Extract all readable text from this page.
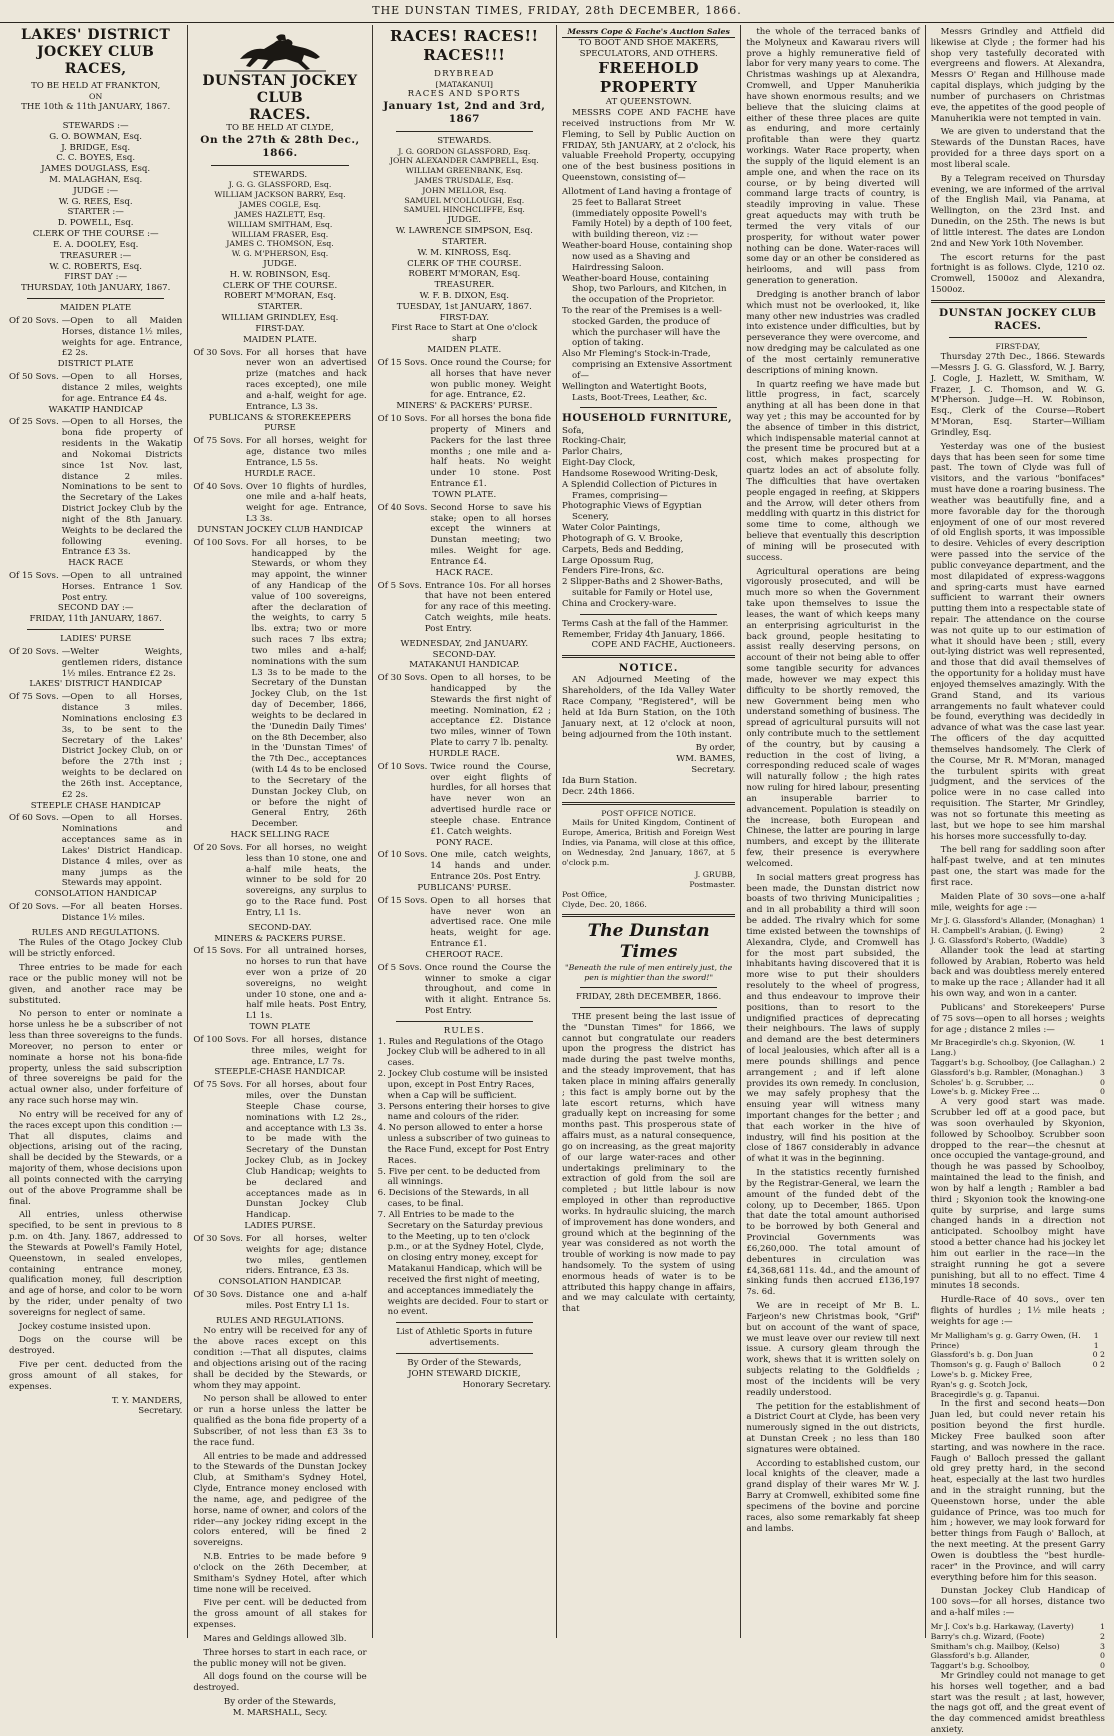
THE DUNSTAN TIMES, FRIDAY, 28th DECEMBER, 1866.
LAKES' DISTRICT
JOCKEY CLUB RACES,
TO BE HELD AT FRANKTON,
ON
THE 10th & 11th JANUARY, 1867.
STEWARDS :—
G. O. BOWMAN, Esq.
J. BRIDGE, Esq.
C. C. BOYES, Esq.
JAMES DOUGLASS, Esq.
M. MALAGHAN, Esq.
JUDGE :—
W. G. REES, Esq.
STARTER :—
D. POWELL, Esq.
CLERK OF THE COURSE :—
E. A. DOOLEY, Esq.
TREASURER :—
W. C. ROBERTS, Esq.
FIRST DAY :—
THURSDAY, 10th JANUARY, 1867.
MAIDEN PLATE
Of 20 Sovs. —Open to all Maiden Horses, distance 1½ miles, weights for age. Entrance, £2 2s.
DISTRICT PLATE
Of 50 Sovs. —Open to all Horses, distance 2 miles, weights for age. Entrance £4 4s.
WAKATIP HANDICAP
Of 25 Sovs. —Open to all Horses, the bona fide property of residents in the Wakatip and Nokomai Districts since 1st Nov. last, distance 2 miles. Nominations to be sent to the Secretary of the Lakes District Jockey Club by the night of the 8th January. Weights to be declared the following evening. Entrance £3 3s.
HACK RACE
Of 15 Sovs. —Open to all untrained Horses. Entrance 1 Sov. Post entry.
SECOND DAY :—
FRIDAY, 11th JANUARY, 1867.
LADIES' PURSE
Of 20 Sovs. —Welter Weights, gentlemen riders, distance 1½ miles. Entrance £2 2s.
LAKES' DISTRICT HANDICAP
Of 75 Sovs. —Open to all Horses, distance 3 miles. Nominations enclosing £3 3s, to be sent to the Secretary of the Lakes' District Jockey Club, on or before the 27th inst ; weights to be declared on the 26th inst. Acceptance, £2 2s.
STEEPLE CHASE HANDICAP
Of 60 Sovs. —Open to all Horses. Nominations and acceptances same as in Lakes' District Handicap. Distance 4 miles, over as many jumps as the Stewards may appoint.
CONSOLATION HANDICAP
Of 20 Sovs. —For all beaten Horses. Distance 1½ miles.
RULES AND REGULATIONS.
The Rules of the Otago Jockey Club will be strictly enforced.
Three entries to be made for each race or the public money will not be given, and another race may be substituted.
No person to enter or nominate a horse unless he be a subscriber of not less than three sovereigns to the funds. Moreover, no person to enter or nominate a horse not his bona-fide property, unless the said subscription of three sovereigns be paid for the actual owner also, under forfeiture of any race such horse may win.
No entry will be received for any of the races except upon this condition :—That all disputes, claims and objections, arising out of the racing, shall be decided by the Stewards, or a majority of them, whose decisions upon all points connected with the carrying out of the above Programme shall be final.
All entries, unless otherwise specified, to be sent in previous to 8 p.m. on 4th. Jany. 1867, addressed to the Stewards at Powell's Family Hotel, Queenstown, in sealed envelopes, containing entrance money, qualification money, full description and age of horse, and color to be worn by the rider, under penalty of two sovereigns for neglect of same.
Jockey costume insisted upon.
Dogs on the course will be destroyed.
Five per cent. deducted from the gross amount of all stakes, for expenses.
T. Y. MANDERS,
Secretary.
DUNSTAN JOCKEY CLUB
RACES.
TO BE HELD AT CLYDE,
On the 27th & 28th Dec., 1866.
STEWARDS.
J. G. G. GLASSFORD, Esq.
WILLIAM JACKSON BARRY, Esq.
JAMES COGLE, Esq.
JAMES HAZLETT, Esq.
WILLIAM SMITHAM, Esq.
WILLIAM FRASER, Esq.
JAMES C. THOMSON, Esq.
W. G. M'PHERSON, Esq.
JUDGE.
H. W. ROBINSON, Esq.
CLERK OF THE COURSE.
ROBERT M'MORAN, Esq.
STARTER.
WILLIAM GRINDLEY, Esq.
FIRST-DAY.
MAIDEN PLATE.
Of 30 Sovs. For all horses that have never won an advertised prize (matches and hack races excepted), one mile and a-half, weight for age. Entrance, L3 3s.
PUBLICANS & STOREKEEPERS PURSE
Of 75 Sovs. For all horses, weight for age, distance two miles Entrance, L5 5s.
HURDLE RACE.
Of 40 Sovs. Over 10 flights of hurdles, one mile and a-half heats, weight for age. Entrance, L3 3s.
DUNSTAN JOCKEY CLUB HANDICAP
Of 100 Sovs. For all horses, to be handicapped by the Stewards, or whom they may appoint, the winner of any Handicap of the value of 100 sovereigns, after the declaration of the weights, to carry 5 lbs. extra; two or more such races 7 lbs extra; two miles and a-half; nominations with the sum L3 3s to be made to the Secretary of the Dunstan Jockey Club, on the 1st day of December, 1866, weights to be declared in the 'Dunedin Daily Times' on the 8th December, also in the 'Dunstan Times' of the 7th Dec., acceptances (with L4 4s to be enclosed to the Secretary of the Dunstan Jockey Club, on or before the night of General Entry, 26th December.
HACK SELLING RACE
Of 20 Sovs. For all horses, no weight less than 10 stone, one and a-half mile heats, the winner to be sold for 20 sovereigns, any surplus to go to the Race fund. Post Entry, L1 1s.
SECOND-DAY.
MINERS & PACKERS PURSE.
Of 15 Sovs. For all untrained horses, no horses to run that have ever won a prize of 20 sovereigns, no weight under 10 stone, one and a-half mile heats. Post Entry, L1 1s.
TOWN PLATE
Of 100 Sovs. For all horses, distance three miles, weight for age. Entrance, L7 7s.
STEEPLE-CHASE HANDICAP.
Of 75 Sovs. For all horses, about four miles, over the Dunstan Steeple Chase course, nominations with L2 2s., and acceptance with L3 3s. to be made with the Secretary of the Dunstan Jockey Club, as in Jockey Club Handicap; weights to be declared and acceptances made as in Dunstan Jockey Club Handicap.
LADIES PURSE.
Of 30 Sovs. For all horses, welter weights for age; distance two miles, gentlemen riders. Entrance, £3 3s.
CONSOLATION HANDICAP.
Of 30 Sovs. Distance one and a-half miles. Post Entry L1 1s.
RULES AND REGULATIONS.
No entry will be received for any of the above races except on this condition :—That all disputes, claims and objections arising out of the racing shall be decided by the Stewards, or whom they may appoint.
No person shall be allowed to enter or run a horse unless the latter be qualified as the bona fide property of a Subscriber, of not less than £3 3s to the race fund.
All entries to be made and addressed to the Stewards of the Dunstan Jockey Club, at Smitham's Sydney Hotel, Clyde, Entrance money enclosed with the name, age, and pedigree of the horse, name of owner, and colors of the rider—any jockey riding except in the colors entered, will be fined 2 sovereigns.
N.B. Entries to be made before 9 o'clock on the 26th December, at Smitham's Sydney Hotel, after which time none will be received.
Five per cent. will be deducted from the gross amount of all stakes for expenses.
Mares and Geldings allowed 3lb.
Three horses to start in each race, or the public money will not be given.
All dogs found on the course will be destroyed.
By order of the Stewards,
M. MARSHALL, Secy.
RACES! RACES!! RACES!!!
DRYBREAD
[MATAKANUI]
RACES AND SPORTS
January 1st, 2nd and 3rd, 1867
STEWARDS.
J. G. GORDON GLASSFORD, Esq.
JOHN ALEXANDER CAMPBELL, Esq.
WILLIAM GREENBANK, Esq.
JAMES TRUSDALE, Esq.
JOHN MELLOR, Esq.
SAMUEL M'COLLOUGH, Esq.
SAMUEL HINCHCLIFFE, Esq.
JUDGE.
W. LAWRENCE SIMPSON, Esq.
STARTER.
W. M. KINROSS, Esq.
CLERK OF THE COURSE.
ROBERT M'MORAN, Esq.
TREASURER.
W. F. B. DIXON, Esq.
TUESDAY, 1st JANUARY, 1867.
FIRST-DAY.
First Race to Start at One o'clock sharp
MAIDEN PLATE.
Of 15 Sovs. Once round the Course; for all horses that have never won public money. Weight for age. Entrance, £2.
MINERS' & PACKERS' PURSE.
Of 10 Sovs. For all horses the bona fide property of Miners and Packers for the last three months ; one mile and a-half heats. No weight under 10 stone. Post Entrance £1.
TOWN PLATE.
Of 40 Sovs. Second Horse to save his stake; open to all horses except the winners at Dunstan meeting; two miles. Weight for age. Entrance £4.
HACK RACE.
Of 5 Sovs. Entrance 10s. For all horses that have not been entered for any race of this meeting. Catch weights, mile heats. Post Entry.
WEDNESDAY, 2nd JANUARY.
SECOND-DAY.
MATAKANUI HANDICAP.
Of 30 Sovs. Open to all horses, to be handicapped by the Stewards the first night of meeting. Nomination, £2 ; acceptance £2. Distance two miles, winner of Town Plate to carry 7 lb. penalty.
HURDLE RACE.
Of 10 Sovs. Twice round the Course, over eight flights of hurdles, for all horses that have never won an advertised hurdle race or steeple chase. Entrance £1. Catch weights.
PONY RACE.
Of 10 Sovs. One mile, catch weights, 14 hands and under. Entrance 20s. Post Entry.
PUBLICANS' PURSE.
Of 15 Sovs. Open to all horses that have never won an advertised race. One mile heats, weight for age. Entrance £1.
CHEROOT RACE.
Of 5 Sovs. Once round the Course the winner to smoke a cigar throughout, and come in with it alight. Entrance 5s. Post Entry.
RULES.
1. Rules and Regulations of the Otago Jockey Club will be adhered to in all cases.
2. Jockey Club costume will be insisted upon, except in Post Entry Races, when a Cap will be sufficient.
3. Persons entering their horses to give name and colours of the rider.
4. No person allowed to enter a horse unless a subscriber of two guineas to the Race Fund, except for Post Entry Races.
5. Five per cent. to be deducted from all winnings.
6. Decisions of the Stewards, in all cases, to be final.
7. All Entries to be made to the Secretary on the Saturday previous to the Meeting, up to ten o'clock p.m., or at the Sydney Hotel, Clyde, on closing entry money, except for Matakanui Handicap, which will be received the first night of meeting, and acceptances immediately the weights are decided. Four to start or no event.
List of Athletic Sports in future advertisements.
By Order of the Stewards,
JOHN STEWARD DICKIE,
Honorary Secretary.
Messrs Cope & Fache's Auction Sales
TO BOOT AND SHOE MAKERS, SPECULATORS, AND OTHERS.
FREEHOLD PROPERTY
AT QUEENSTOWN.

MESSRS COPE AND FACHE have received instructions from Mr W. Fleming, to Sell by Public Auction on FRIDAY, 5th JANUARY, at 2 o'clock, his valuable Freehold Property, occupying one of the best business positions in Queenstown, consisting of—

Allotment of Land having a frontage of 25 feet to Ballarat Street (immediately opposite Powell's Family Hotel) by a depth of 100 feet, with building thereon, viz :—
Weather-board House, containing shop now used as a Shaving and Hairdressing Saloon.
Weather-board House, containing Shop, two Parlours, and Kitchen, in the occupation of the Proprietor.
To the rear of the Premises is a well-stocked Garden, the produce of which the purchaser will have the option of taking.
Also Mr Fleming's Stock-in-Trade, comprising an Extensive Assortment of—
Wellington and Watertight Boots, Lasts, Boot-Trees, Leather, &c.
HOUSEHOLD FURNITURE,
Sofa,
Rocking-Chair,
Parlor Chairs,
Eight-Day Clock,
Handsome Rosewood Writing-Desk,
A Splendid Collection of Pictures in Frames, comprising—
Photographic Views of Egyptian Scenery,
Water Color Paintings,
Photograph of G. V. Brooke,
Carpets, Beds and Bedding,
Large Opossum Rug,
Fenders Fire-Irons, &c.
2 Slipper-Baths and 2 Shower-Baths, suitable for Family or Hotel use,
China and Crockery-ware.
Terms Cash at the fall of the Hammer.
Remember, Friday 4th January, 1866.
COPE AND FACHE, Auctioneers.
NOTICE.

AN Adjourned Meeting of the Shareholders, of the Ida Valley Water Race Company, "Registered", will be held at Ida Burn Station, on the 10th January next, at 12 o'clock at noon, being adjourned from the 10th instant.

By order,
WM. BAMES,
Secretary.
Ida Burn Station.
Decr. 24th 1866.
POST OFFICE NOTICE.

Mails for United Kingdom, Continent of Europe, America, British and Foreign West Indies, via Panama, will close at this office, on Wednesday, 2nd January, 1867, at 5 o'clock p.m.

J. GRUBB,
Postmaster.
Post Office,
Clyde, Dec. 20, 1866.
The Dunstan Times
"Beneath the rule of men entirely just, the pen is mightier than the sword!"
FRIDAY, 28th DECEMBER, 1866.

THE present being the last issue of the "Dunstan Times" for 1866, we cannot but congratulate our readers upon the progress the district has made during the past twelve months, and the steady improvement, that has taken place in mining affairs generally ; this fact is amply borne out by the late escort returns, which have gradually kept on increasing for some months past. This prosperous state of affairs must, as a natural consequence, go on increasing, as the great majority of our large water-races and other undertakings preliminary to the extraction of gold from the soil are completed ; but little labour is now employed in other than reproductive works. In hydraulic sluicing, the march of improvement has done wonders, and ground which at the beginning of the year was considered as not worth the trouble of working is now made to pay handsomely. To the system of using enormous heads of water is to be attributed this happy change in affairs, and we may calculate with certainty, that

the whole of the terraced banks of the Molyneux and Kawarau rivers will prove a highly remunerative field of labor for very many years to come. The Christmas washings up at Alexandra, Cromwell, and Upper Manuherikia have shown enormous results; and we believe that the sluicing claims at either of these three places are quite as enduring, and more certainly profitable than were they quartz workings. Water Race property, when the supply of the liquid element is an ample one, and when the race on its course, or by being diverted will command large tracts of country, is steadily improving in value. These great aqueducts may with truth be termed the very vitals of our prosperity, for without water power nothing can be done. Water-races will some day or an other be considered as heirlooms, and will pass from generation to generation.
Dredging is another branch of labor which must not be overlooked, it, like many other new industries was cradled into existence under difficulties, but by perseverance they were overcome, and now dredging may be calculated as one of the most certainly remunerative descriptions of mining known.
In quartz reefing we have made but little progress, in fact, scarcely anything at all has been done in that way yet ; this may be accounted for by the absence of timber in this district, which indispensable material cannot at the present time be procured but at a cost, which makes prospecting for quartz lodes an act of absolute folly. The difficulties that have overtaken people engaged in reefing, at Skippers and the Arrow, will deter others from meddling with quartz in this district for some time to come, although we believe that eventually this description of mining will be prosecuted with success.
Agricultural operations are being vigorously prosecuted, and will be much more so when the Government take upon themselves to issue the leases, the want of which keeps many an enterprising agriculturist in the back ground, people hesitating to assist really deserving persons, on account of their not being able to offer some tangible security for advances made, however we may expect this difficulty to be shortly removed, the new Government being men who understand something of business. The spread of agricultural pursuits will not only contribute much to the settlement of the country, but by causing a reduction in the cost of living, a corresponding reduced scale of wages will naturally follow ; the high rates now ruling for hired labour, presenting an insuperable barrier to advancement. Population is steadily on the increase, both European and Chinese, the latter are pouring in large numbers, and except by the illiterate few, their presence is everywhere welcomed.
In social matters great progress has been made, the Dunstan district now boasts of two thriving Municipalities ; and in all probability a third will soon be added. The rivalry which for some time existed between the townships of Alexandra, Clyde, and Cromwell has for the most part subsided, the inhabitants having discovered that it is more wise to put their shoulders resolutely to the wheel of progress, and thus endeavour to improve their positions, than to resort to the undignified practices of deprecating their neighbours. The laws of supply and demand are the best determiners of local jealousies, which after all is a mere pounds shillings and pence arrangement ; and if left alone provides its own remedy. In conclusion, we may safely prophesy that the ensuing year will witness many important changes for the better ; and that each worker in the hive of industry, will find his position at the close of 1867 considerably in advance of what it was in the beginning.
In the statistics recently furnished by the Registrar-General, we learn the amount of the funded debt of the colony, up to December, 1865. Upon that date the total amount authorised to be borrowed by both General and Provincial Governments was £6,260,000. The total amount of debentures in circulation was £4,368,681 11s. 4d., and the amount of sinking funds then accrued £136,197 7s. 6d.
We are in receipt of Mr B. L. Farjeon's new Christmas book, "Grif" but on account of the want of space, we must leave over our review till next issue. A cursory gleam through the work, shews that it is written solely on subjects relating to the Goldfields ; most of the incidents will be very readily understood.
The petition for the establishment of a District Court at Clyde, has been very numerously signed in the out districts, at Dunstan Creek ; no less than 180 signatures were obtained.
According to established custom, our local knights of the cleaver, made a grand display of their wares Mr W. J. Barry at Cromwell, exhibited some fine specimens of the bovine and porcine races, also some remarkably fat sheep and lambs.
Messrs Grindley and Attfield did likewise at Clyde ; the former had his shop very tastefully decorated with evergreens and flowers. At Alexandra, Messrs O' Regan and Hillhouse made capital displays, which judging by the number of purchasers on Christmas eve, the appetites of the good people of Manuherikia were not tempted in vain.
We are given to understand that the Stewards of the Dunstan Races, have provided for a three days sport on a most liberal scale.
By a Telegram received on Thursday evening, we are informed of the arrival of the English Mail, via Panama, at Wellington, on the 23rd Inst. and Dunedin, on the 25th. The news is but of little interest. The dates are London 2nd and New York 10th November.
The escort returns for the past fortnight is as follows. Clyde, 1210 oz. Cromwell, 1500oz and Alexandra, 1500oz.
DUNSTAN JOCKEY CLUB RACES.
FIRST-DAY,
Thursday 27th Dec., 1866. Stewards—Messrs J. G. G. Glassford, W. J. Barry, J. Cogle, J. Hazlett, W. Smitham, W. Frazer, J. C. Thomson, and W. G. M'Pherson. Judge—H. W. Robinson, Esq., Clerk of the Course—Robert M'Moran, Esq. Starter—William Grindley, Esq.
Yesterday was one of the busiest days that has been seen for some time past. The town of Clyde was full of visitors, and the various "bonifaces" must have done a roaring business. The weather was beautifully fine, and a more favorable day for the thorough enjoyment of one of our most revered of old English sports, it was impossible to desire. Vehicles of every description were passed into the service of the public conveyance department, and the most dilapidated of express-waggons and spring-carts must have earned sufficient to warrant their owners putting them into a respectable state of repair. The attendance on the course was not quite up to our estimation of what it should have been ; still, every out-lying district was well represented, and those that did avail themselves of the opportunity for a holiday must have enjoyed themselves amazingly. With the Grand Stand, and its various arrangements no fault whatever could be found, everything was decidedly in advance of what was the case last year. The officers of the day acquitted themselves handsomely. The Clerk of the Course, Mr R. M'Moran, managed the turbulent spirits with great judgment, and the services of the police were in no case called into requisition. The Starter, Mr Grindley, was not so fortunate this meeting as last, but we hope to see him marshal his horses more successfully to-day.
The bell rang for saddling soon after half-past twelve, and at ten minutes past one, the start was made for the first race.
Maiden Plate of 30 sovs—one a-half mile, weights for age :—
Mr J. G. Glassford's Allander, (Monaghan) 1
H. Campbell's Arabian, (J. Ewing)	2
J. G. Glassford's Roberto, (Waddle)	3
Allander took the lead at starting followed by Arabian, Roberto was held back and was doubtless merely entered to make up the race ; Allander had it all his own way, and won in a canter.
Publicans' and Storekeepers' Purse of 75 sovs—open to all horses ; weights for age ; distance 2 miles :—
Mr Bracegirdle's ch.g. Skyonion, (W. Lang.)
1
Taggart's b.g. Schoolboy, (Joe Callaghan.) 2
Glassford's b.g. Rambler, (Monaghan.) 3
Scholes' b. g. Scrubber, ...	0
Lowe's b. g. Mickey Free ...	0
A very good start was made. Scrubber led off at a good pace, but was soon overhauled by Skyonion, followed by Schoolboy. Scrubber soon dropped to the rear—the chesnut at once occupied the vantage-ground, and though he was passed by Schoolboy, maintained the lead to the finish, and won by half a length ; Rambler a bad third ; Skyonion took the knowing-one quite by surprise, and large sums changed hands in a direction not anticipated. Schoolboy might have stood a better chance had his jockey let him out earlier in the race—in the straight running he got a severe punishing, but all to no effect. Time 4 minutes 18 seconds.
Hurdle-Race of 40 sovs., over ten flights of hurdles ; 1½ mile heats ; weights for age :—
Mr Malligham's g. g. Garry Owen, (H. Prince)
1 1
Glassford's b. g. Don Juan	0 2
Thomson's g. g. Faugh o' Balloch	0 2
Lowe's b. g. Mickey Free,
Ryan's g. g. Scotch Jock,
Bracegirdle's g. g. Tapanui.
In the first and second heats—Don Juan led, but could never retain his position beyond the first hurdle. Mickey Free baulked soon after starting, and was nowhere in the race. Faugh o' Balloch pressed the gallant old grey pretty hard, in the second heat, especially at the last two hurdles and in the straight running, but the Queenstown horse, under the able guidance of Prince, was too much for him ; however, we may look forward for better things from Faugh o' Balloch, at the next meeting. At the present Garry Owen is doubtless the "best hurdle-racer" in the Province, and will carry everything before him for this season.
Dunstan Jockey Club Handicap of 100 sovs—for all horses, distance two and a-half miles :—
Mr J. Cox's b.g. Harkaway, (Laverty)	1
Barry's ch.g. Wizard, (Foote)	2
Smitham's ch.g. Mailboy, (Kelso)	3
Glassford's b.g. Allander,	0
Taggart's b.g. Schoolboy,	0
Mr Grindley could not manage to get his horses well together, and a bad start was the result ; at last, however, the nags got off, and the great event of the day commenced amidst breathless anxiety.
